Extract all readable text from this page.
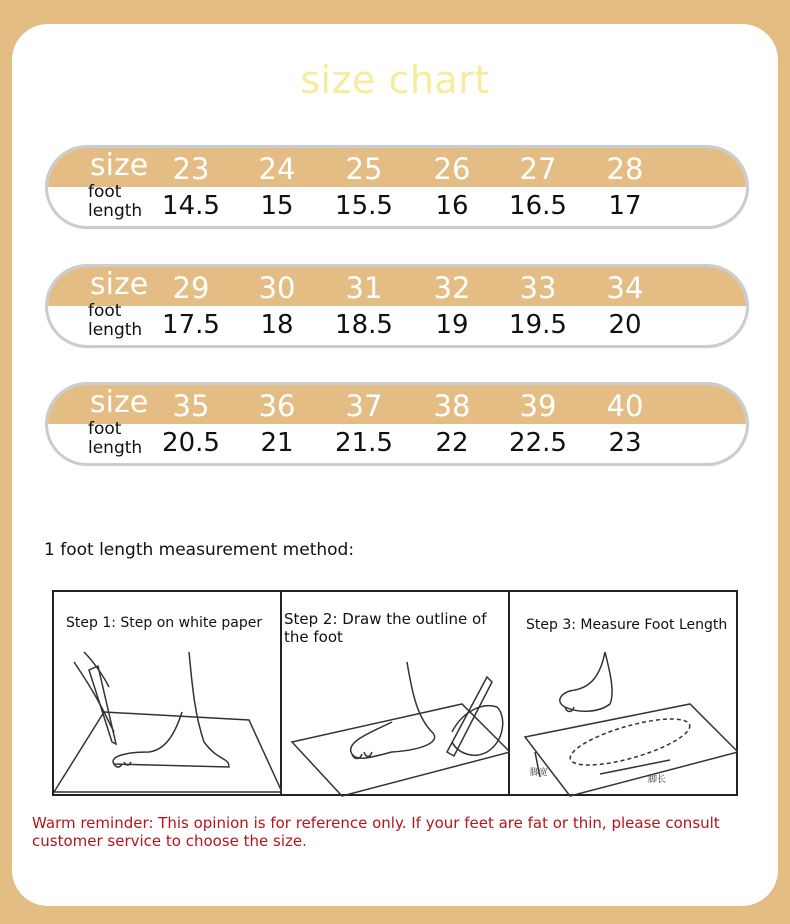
size chart
size
foot
length
23
14.5
24
15
25
15.5
26
16
27
16.5
28
17
size
foot
length
29
17.5
30
18
31
18.5
32
19
33
19.5
34
20
size
foot
length
35
20.5
36
21
37
21.5
38
22
39
22.5
40
23
1 foot length measurement method:
Step 1: Step on white paper Step 2: Draw the outline of the foot
Step 3: Measure Foot Length
脚宽
脚长
Warm reminder: This opinion is for reference only. If your feet are fat or thin, please consult customer service to choose the size.
